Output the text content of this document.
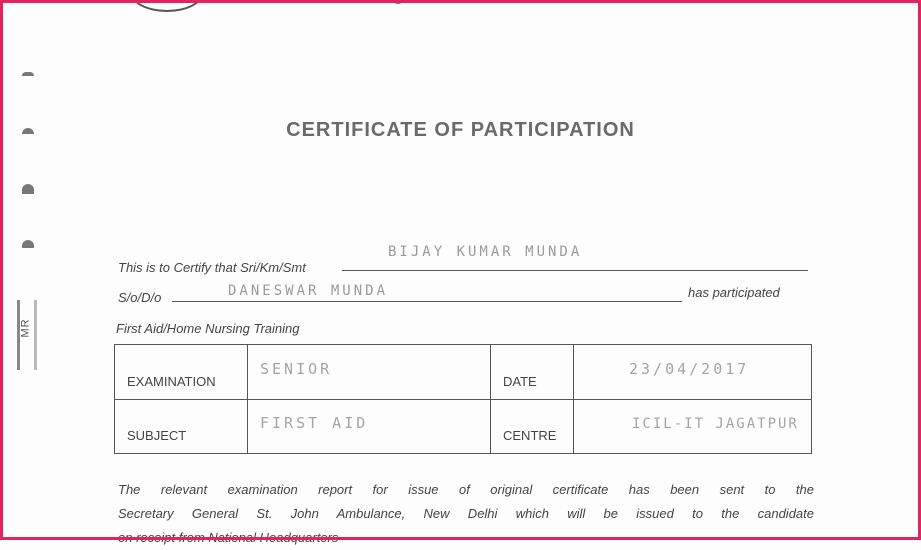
MR
CERTIFICATE OF PARTICIPATION
This is to Certify that Sri/Km/Smt
BIJAY KUMAR MUNDA
S/o/D/o	DANESWAR MUNDA	has participated
First Aid/Home Nursing Training
EXAMINATION	SENIOR	DATE	23/04/2017
SUBJECT	FIRST AID	CENTRE	ICIL-IT JAGATPUR
The relevant examination report for issue of original certificate has been sent to the
Secretary General St. John Ambulance, New Delhi which will be issued to the candidate
on receipt from National Headquarters
